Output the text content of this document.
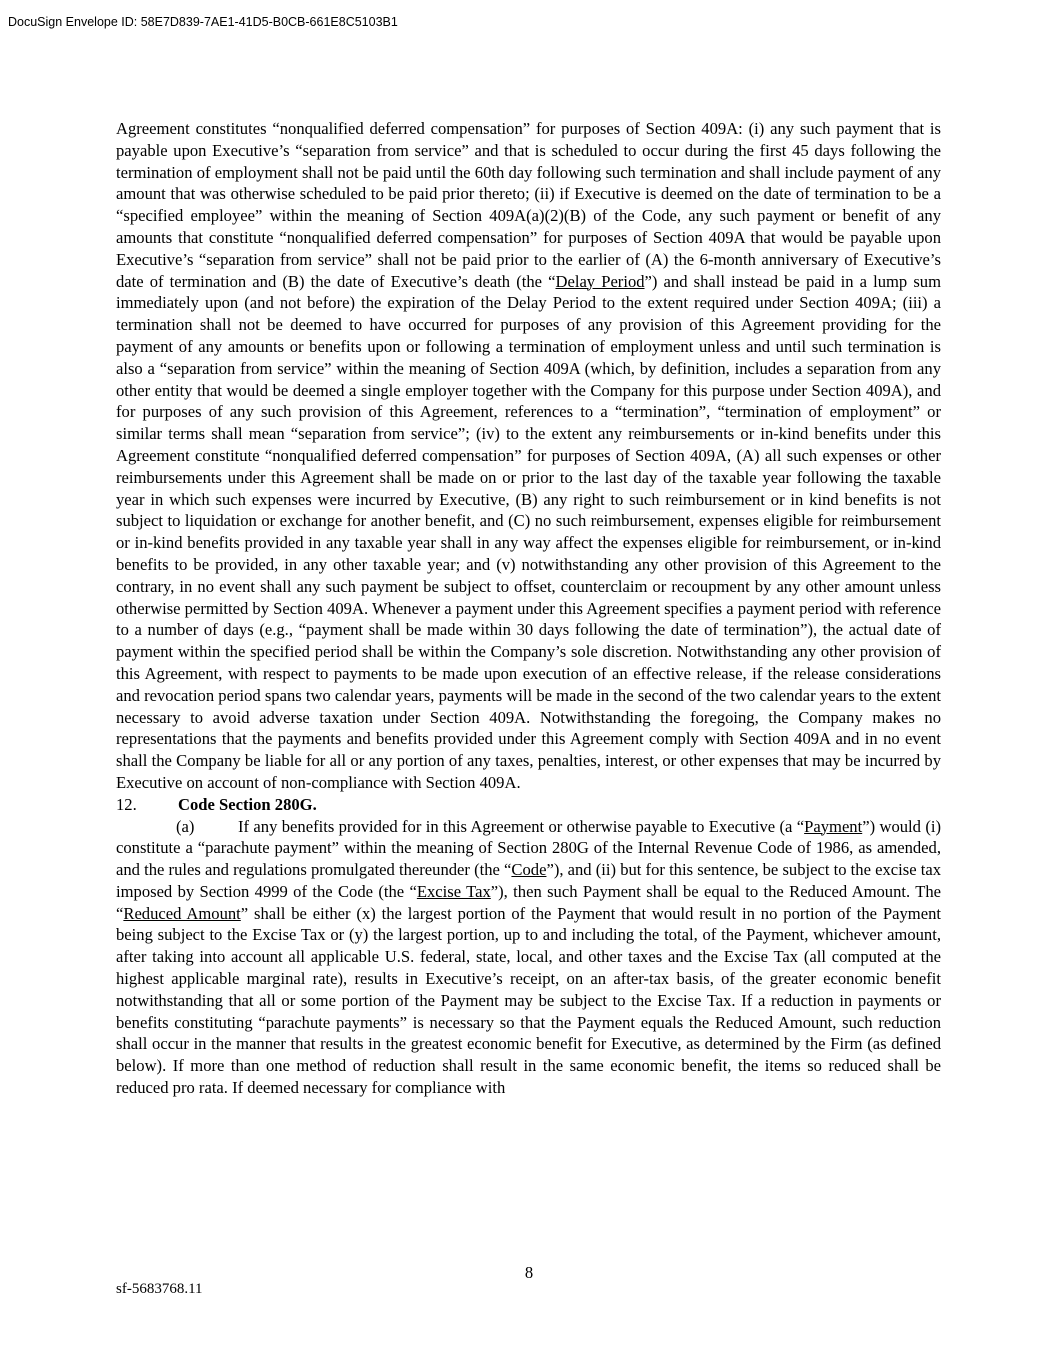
DocuSign Envelope ID: 58E7D839-7AE1-41D5-B0CB-661E8C5103B1

Agreement constitutes “nonqualified deferred compensation” for purposes of Section 409A: (i) any such payment that is payable upon Executive’s “separation from service” and that is scheduled to occur during the first 45 days following the termination of employment shall not be paid until the 60th day following such termination and shall include payment of any amount that was otherwise scheduled to be paid prior thereto; (ii) if Executive is deemed on the date of termination to be a “specified employee” within the meaning of Section 409A(a)(2)(B) of the Code, any such payment or benefit of any amounts that constitute “nonqualified deferred compensation” for purposes of Section 409A that would be payable upon Executive’s “separation from service” shall not be paid prior to the earlier of (A) the 6-month anniversary of Executive’s date of termination and (B) the date of Executive’s death (the “Delay Period”) and shall instead be paid in a lump sum immediately upon (and not before) the expiration of the Delay Period to the extent required under Section 409A; (iii) a termination shall not be deemed to have occurred for purposes of any provision of this Agreement providing for the payment of any amounts or benefits upon or following a termination of employment unless and until such termination is also a “separation from service” within the meaning of Section 409A (which, by definition, includes a separation from any other entity that would be deemed a single employer together with the Company for this purpose under Section 409A), and for purposes of any such provision of this Agreement, references to a “termination”, “termination of employment” or similar terms shall mean “separation from service”; (iv) to the extent any reimbursements or in-kind benefits under this Agreement constitute “nonqualified deferred compensation” for purposes of Section 409A, (A) all such expenses or other reimbursements under this Agreement shall be made on or prior to the last day of the taxable year following the taxable year in which such expenses were incurred by Executive, (B) any right to such reimbursement or in kind benefits is not subject to liquidation or exchange for another benefit, and (C) no such reimbursement, expenses eligible for reimbursement or in-kind benefits provided in any taxable year shall in any way affect the expenses eligible for reimbursement, or in-kind benefits to be provided, in any other taxable year; and (v) notwithstanding any other provision of this Agreement to the contrary, in no event shall any such payment be subject to offset, counterclaim or recoupment by any other amount unless otherwise permitted by Section 409A. Whenever a payment under this Agreement specifies a payment period with reference to a number of days (e.g., “payment shall be made within 30 days following the date of termination”), the actual date of payment within the specified period shall be within the Company’s sole discretion. Notwithstanding any other provision of this Agreement, with respect to payments to be made upon execution of an effective release, if the release considerations and revocation period spans two calendar years, payments will be made in the second of the two calendar years to the extent necessary to avoid adverse taxation under Section 409A. Notwithstanding the foregoing, the Company makes no representations that the payments and benefits provided under this Agreement comply with Section 409A and in no event shall the Company be liable for all or any portion of any taxes, penalties, interest, or other expenses that may be incurred by Executive on account of non-compliance with Section 409A.

12. Code Section 280G.

(a)	If any benefits provided for in this Agreement or otherwise payable to Executive (a “Payment”) would (i) constitute a “parachute payment” within the meaning of Section 280G of the Internal Revenue Code of 1986, as amended, and the rules and regulations promulgated thereunder (the “Code”), and (ii) but for this sentence, be subject to the excise tax imposed by Section 4999 of the Code (the “Excise Tax”), then such Payment shall be equal to the Reduced Amount. The “Reduced Amount” shall be either (x) the largest portion of the Payment that would result in no portion of the Payment being subject to the Excise Tax or (y) the largest portion, up to and including the total, of the Payment, whichever amount, after taking into account all applicable U.S. federal, state, local, and other taxes and the Excise Tax (all computed at the highest applicable marginal rate), results in Executive’s receipt, on an after-tax basis, of the greater economic benefit notwithstanding that all or some portion of the Payment may be subject to the Excise Tax. If a reduction in payments or benefits constituting “parachute payments” is necessary so that the Payment equals the Reduced Amount, such reduction shall occur in the manner that results in the greatest economic benefit for Executive, as determined by the Firm (as defined below). If more than one method of reduction shall result in the same economic benefit, the items so reduced shall be reduced pro rata. If deemed necessary for compliance with

8
sf-5683768.11
